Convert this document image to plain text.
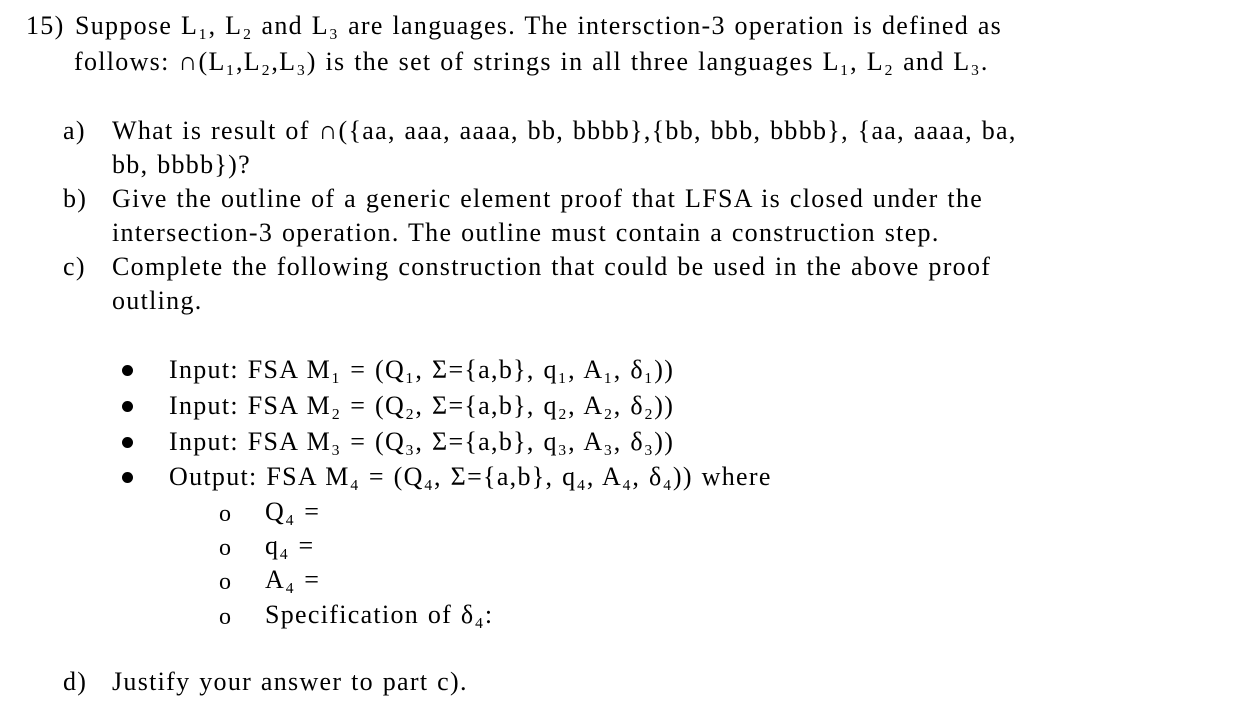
15) Suppose L₁, L₂ and L₃ are languages. The intersction-3 operation is defined as
follows: ∩(L₁,L₂,L₃) is the set of strings in all three languages L₁, L₂ and L₃.
a) What is result of ∩({aa, aaa, aaaa, bb, bbbb},{bb, bbb, bbbb}, {aa, aaaa, ba,
bb, bbbb})?
b) Give the outline of a generic element proof that LFSA is closed under the
intersection-3 operation. The outline must contain a construction step.
c) Complete the following construction that could be used in the above proof
outling.
Input: FSA M₁ = (Q₁, Σ={a,b}, q₁, A₁, δ₁))
Input: FSA M₂ = (Q₂, Σ={a,b}, q₂, A₂, δ₂))
Input: FSA M₃ = (Q₃, Σ={a,b}, q₃, A₃, δ₃))
Output: FSA M₄ = (Q₄, Σ={a,b}, q₄, A₄, δ₄)) where
o Q₄ =
o q₄ =
o A₄ =
o Specification of δ₄:
d) Justify your answer to part c).
